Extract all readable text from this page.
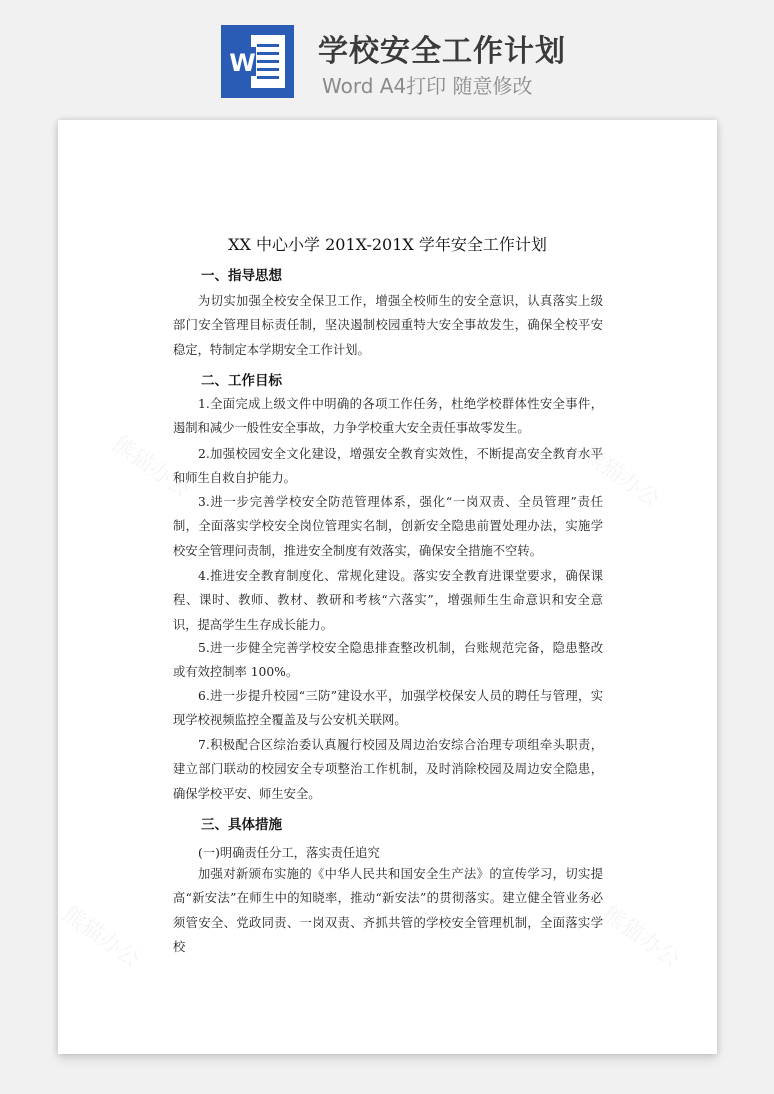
W 学校安全工作计划
Word A4打印 随意修改
XX 中心小学 201X-201X 学年安全工作计划
一、指导思想

为切实加强全校安全保卫工作，增强全校师生的安全意识，认真落实上级部门安全管理目标责任制，坚决遏制校园重特大安全事故发生，确保全校平安稳定，特制定本学期安全工作计划。

二、工作目标

1.全面完成上级文件中明确的各项工作任务，杜绝学校群体性安全事件，遏制和减少一般性安全事故，力争学校重大安全责任事故零发生。

2.加强校园安全文化建设，增强安全教育实效性，不断提高安全教育水平和师生自救自护能力。

3.进一步完善学校安全防范管理体系，强化“一岗双责、全员管理”责任制，全面落实学校安全岗位管理实名制，创新安全隐患前置处理办法，实施学校安全管理问责制，推进安全制度有效落实，确保安全措施不空转。

4.推进安全教育制度化、常规化建设。落实安全教育进课堂要求，确保课程、课时、教师、教材、教研和考核“六落实”，增强师生生命意识和安全意识，提高学生生存成长能力。

5.进一步健全完善学校安全隐患排查整改机制，台账规范完备，隐患整改或有效控制率 100%。

6.进一步提升校园“三防”建设水平，加强学校保安人员的聘任与管理，实现学校视频监控全覆盖及与公安机关联网。

7.积极配合区综治委认真履行校园及周边治安综合治理专项组牵头职责，建立部门联动的校园安全专项整治工作机制，及时消除校园及周边安全隐患，确保学校平安、师生安全。

三、具体措施
(一)明确责任分工，落实责任追究

加强对新颁布实施的《中华人民共和国安全生产法》的宣传学习，切实提高“新安法”在师生中的知晓率，推动“新安法”的贯彻落实。建立健全管业务必须管安全、党政同责、一岗双责、齐抓共管的学校安全管理机制，全面落实学校
